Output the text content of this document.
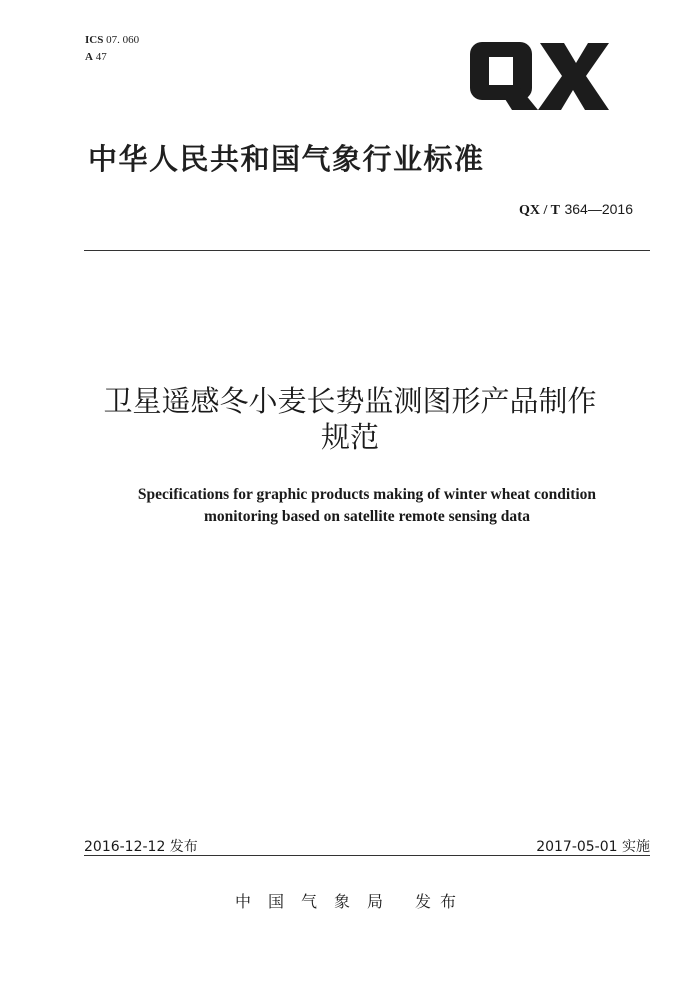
ICS 07. 060
A 47
中华人民共和国气象行业标准
QX / T 364—2016
卫星遥感冬小麦长势监测图形产品制作
规范
Specifications for graphic products making of winter wheat condition
monitoring based on satellite remote sensing data
2016-12-12 发布	2017-05-01 实施
中国气象局 发布
